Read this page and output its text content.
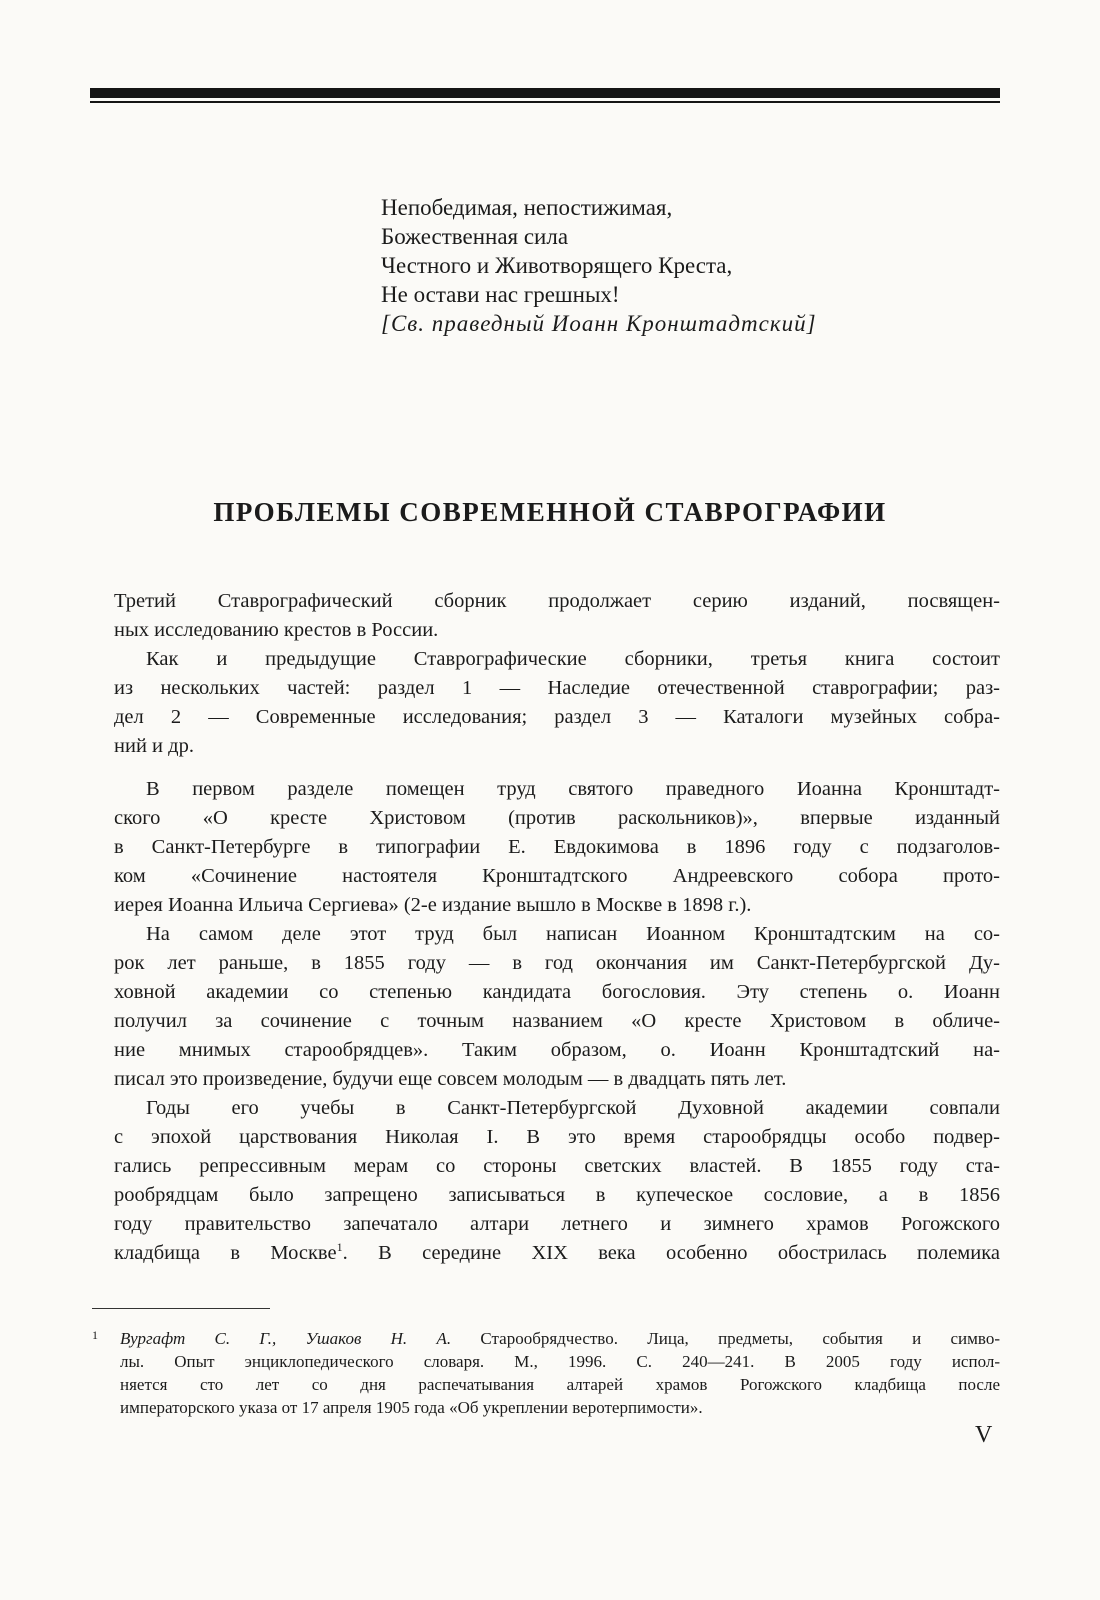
Непобедимая, непостижимая,
Божественная сила
Честного и Животворящего Креста,
Не остави нас грешных!
[Св. праведный Иоанн Кронштадтский]
ПРОБЛЕМЫ СОВРЕМЕННОЙ СТАВРОГРАФИИ

Третий Ставрографический сборник продолжает серию изданий, посвящен-

ных исследованию крестов в России.

Как и предыдущие Ставрографические сборники, третья книга состоит

из нескольких частей: раздел 1 — Наследие отечественной ставрографии; раз-

дел 2 — Современные исследования; раздел 3 — Каталоги музейных собра-

ний и др.

В первом разделе помещен труд святого праведного Иоанна Кронштадт-

ского «О кресте Христовом (против раскольников)», впервые изданный

в Санкт-Петербурге в типографии Е. Евдокимова в 1896 году с подзаголов-

ком «Сочинение настоятеля Кронштадтского Андреевского собора прото-

иерея Иоанна Ильича Сергиева» (2-е издание вышло в Москве в 1898 г.).

На самом деле этот труд был написан Иоанном Кронштадтским на со-

рок лет раньше, в 1855 году — в год окончания им Санкт-Петербургской Ду-

ховной академии со степенью кандидата богословия. Эту степень о. Иоанн

получил за сочинение с точным названием «О кресте Христовом в обличе-

ние мнимых старообрядцев». Таким образом, о. Иоанн Кронштадтский на-

писал это произведение, будучи еще совсем молодым — в двадцать пять лет.

Годы его учебы в Санкт-Петербургской Духовной академии совпали

с эпохой царствования Николая I. В это время старообрядцы особо подвер-

гались репрессивным мерам со стороны светских властей. В 1855 году ста-

рообрядцам было запрещено записываться в купеческое сословие, а в 1856

году правительство запечатало алтари летнего и зимнего храмов Рогожского

кладбища в Москве$^1$. В середине XIX века особенно обострилась полемика

1 Вургафт С. Г., Ушаков Н. А. Старообрядчество. Лица, предметы, события и симво-
лы. Опыт энциклопедического словаря. М., 1996. С. 240—241. В 2005 году испол-
няется сто лет со дня распечатывания алтарей храмов Рогожского кладбища после
императорского указа от 17 апреля 1905 года «Об укреплении веротерпимости».
V
